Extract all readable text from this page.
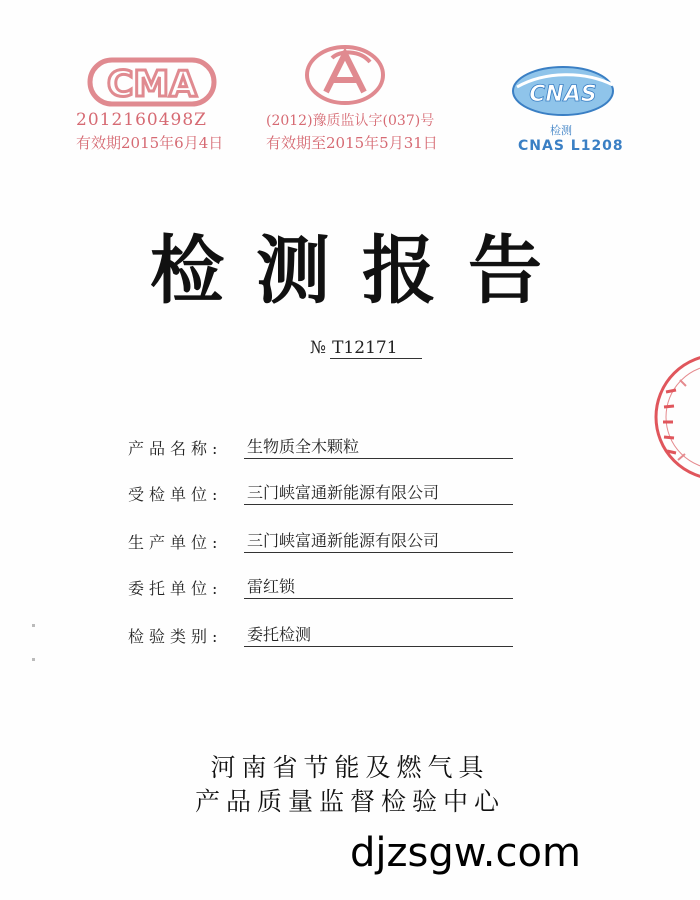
CMA
2012160498Z
有效期2015年6月4日
(2012)豫质监认字(037)号
有效期至2015年5月31日
CNAS
检测
CNAS L1208
检测报告
№ T12171
产品名称: 生物质全木颗粒
受检单位: 三门峡富通新能源有限公司
生产单位: 三门峡富通新能源有限公司
委托单位: 雷红锁
检验类别: 委托检测
河南省节能及燃气具
产品质量监督检验中心
djzsgw.com
